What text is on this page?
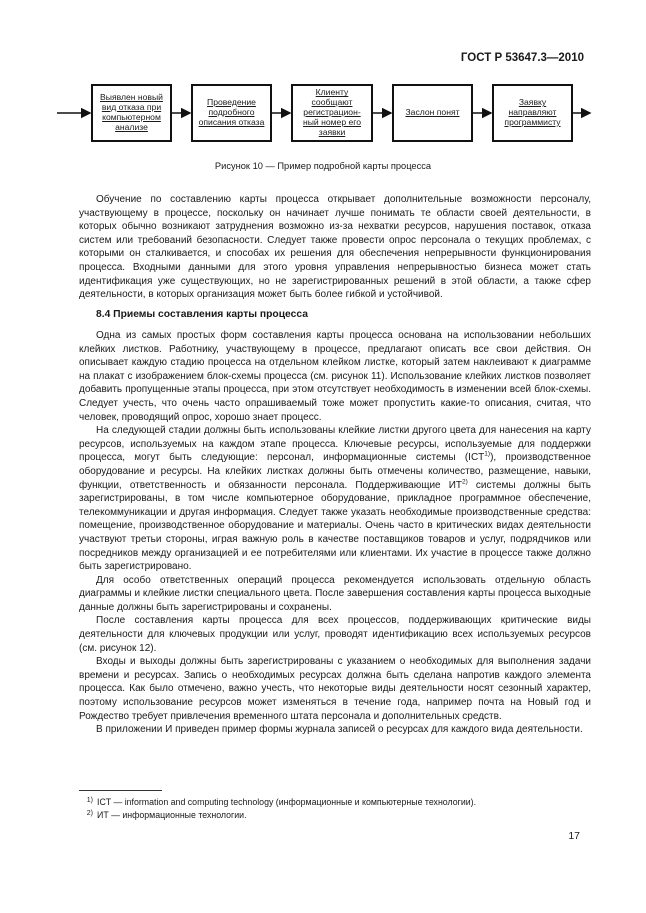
ГОСТ Р 53647.3—2010
Выявлен новый вид отказа при компьютерном анализе
Проведение подробного описания отказа
Клиенту сообщают регистрацион-ный номер его заявки
Заслон понят
Заявку направляют программисту
Рисунок 10 — Пример подробной карты процесса

Обучение по составлению карты процесса открывает дополнительные возможности персоналу, участвующему в процессе, поскольку он начинает лучше понимать те области своей деятельности, в которых обычно возникают затруднения возможно из-за нехватки ресурсов, нарушения поставок, отказа систем или требований безопасности. Следует также провести опрос персонала о текущих проблемах, с которыми он сталкивается, и способах их решения для обеспечения непрерывности функционирования процесса. Входными данными для этого уровня управления непрерывностью бизнеса может стать идентификация уже существующих, но не зарегистрированных решений в этой области, а также сфер деятельности, в которых организация может быть более гибкой и устойчивой.

8.4 Приемы составления карты процесса

Одна из самых простых форм составления карты процесса основана на использовании небольших клейких листков. Работнику, участвующему в процессе, предлагают описать все свои действия. Он описывает каждую стадию процесса на отдельном клейком листке, который затем наклеивают к диаграмме на плакат с изображением блок-схемы процесса (см. рисунок 11). Использование клейких листков позволяет добавить пропущенные этапы процесса, при этом отсутствует необходимость в изменении всей блок-схемы. Следует учесть, что очень часто опрашиваемый тоже может пропустить какие-то описания, считая, что человек, проводящий опрос, хорошо знает процесс.

На следующей стадии должны быть использованы клейкие листки другого цвета для нанесения на карту ресурсов, используемых на каждом этапе процесса. Ключевые ресурсы, используемые для поддержки процесса, могут быть следующие: персонал, информационные системы (ICT$^{1)}$), производственное оборудование и ресурсы. На клейких листках должны быть отмечены количество, размещение, навыки, функции, ответственность и обязанности персонала. Поддерживающие ИТ$^{2)}$ системы должны быть зарегистрированы, в том числе компьютерное оборудование, прикладное программное обеспечение, телекоммуникации и другая информация. Следует также указать необходимые производственные средства: помещение, производственное оборудование и материалы. Очень часто в критических видах деятельности участвуют третьи стороны, играя важную роль в качестве поставщиков товаров и услуг, подрядчиков или посредников между организацией и ее потребителями или клиентами. Их участие в процессе также должно быть зарегистрировано.

Для особо ответственных операций процесса рекомендуется использовать отдельную область диаграммы и клейкие листки специального цвета. После завершения составления карты процесса выходные данные должны быть зарегистрированы и сохранены.

После составления карты процесса для всех процессов, поддерживающих критические виды деятельности для ключевых продукции или услуг, проводят идентификацию всех используемых ресурсов (см. рисунок 12).

Входы и выходы должны быть зарегистрированы с указанием о необходимых для выполнения задачи времени и ресурсах. Запись о необходимых ресурсах должна быть сделана напротив каждого элемента процесса. Как было отмечено, важно учесть, что некоторые виды деятельности носят сезонный характер, поэтому использование ресурсов может изменяться в течение года, например почта на Новый год и Рождество требует привлечения временного штата персонала и дополнительных средств.

В приложении И приведен пример формы журнала записей о ресурсах для каждого вида деятельности.

1) ICT — information and computing technology (информационные и компьютерные технологии).
2) ИТ — информационные технологии.
17
